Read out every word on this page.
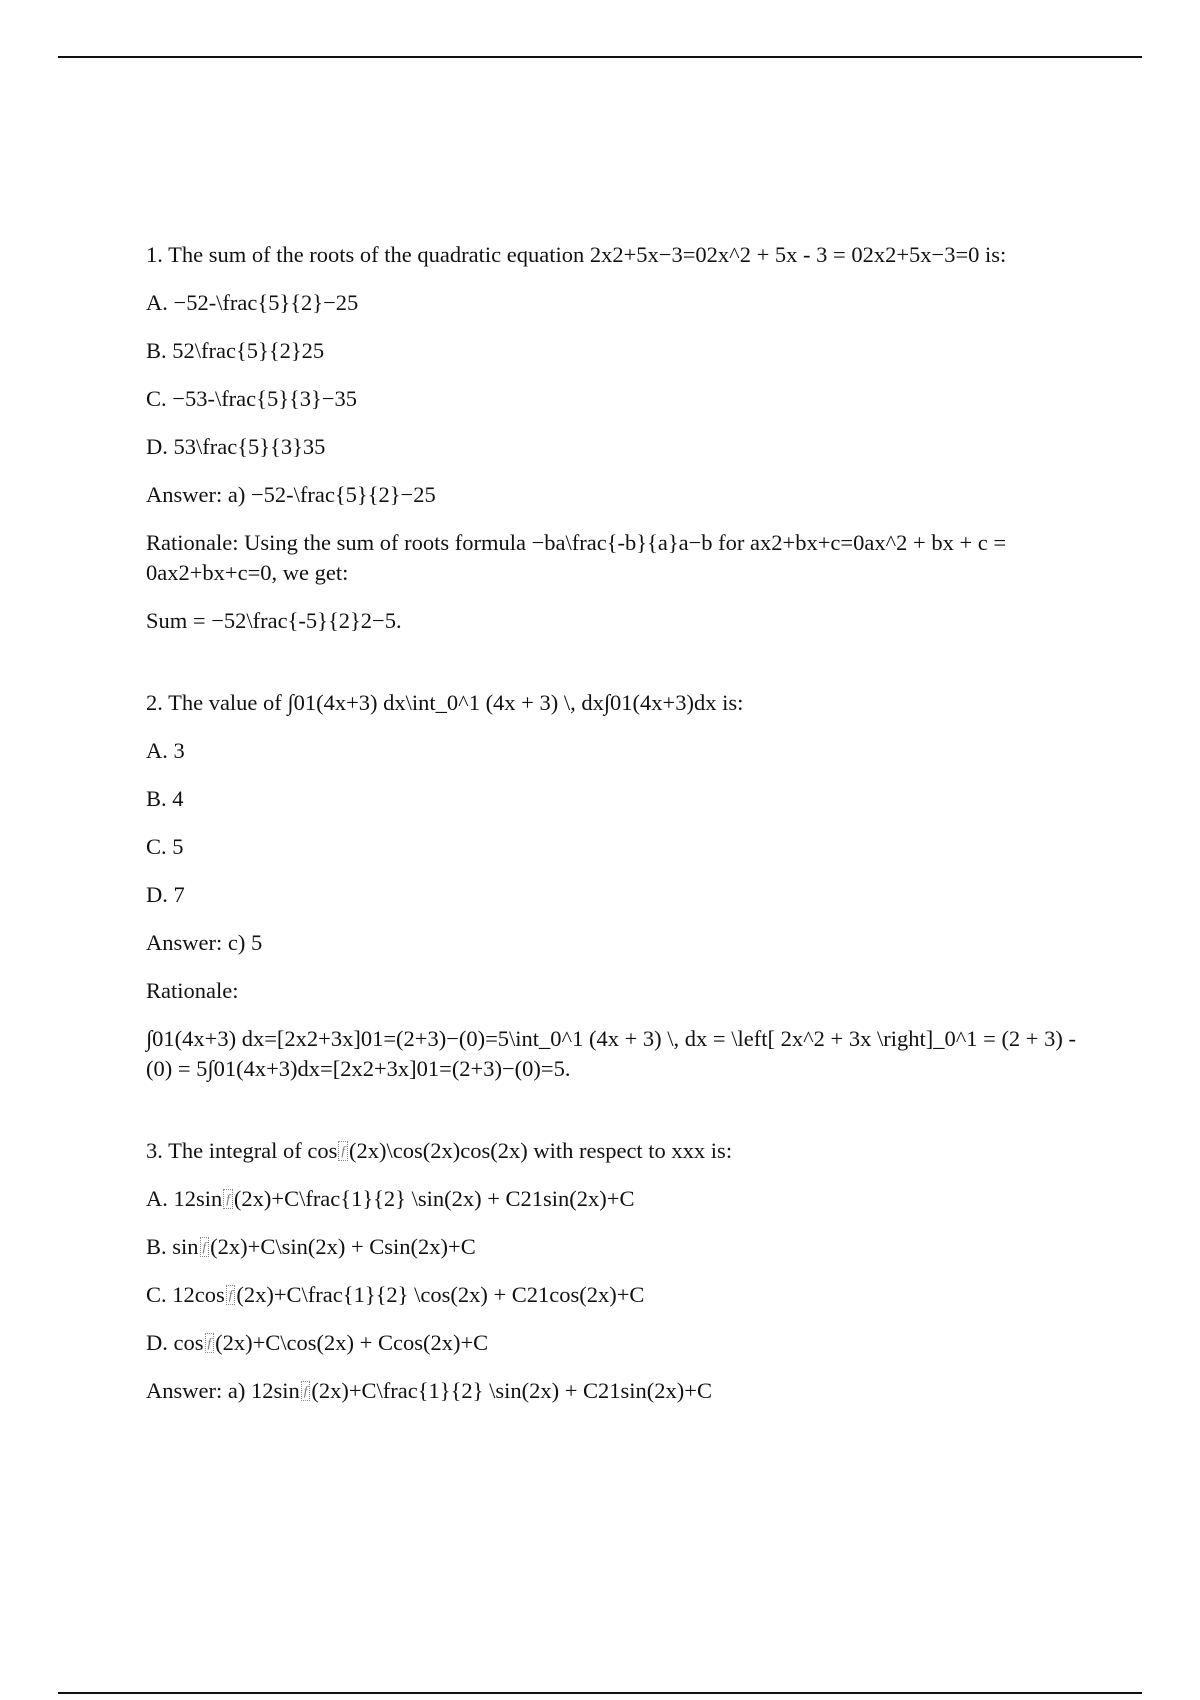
1. The sum of the roots of the quadratic equation 2x2+5x−3=02x^2 + 5x - 3 = 02x2+5x−3=0 is:

A. −52-\frac{5}{2}−25

B. 52\frac{5}{2}25

C. −53-\frac{5}{3}−35

D. 53\frac{5}{3}35

Answer: a) −52-\frac{5}{2}−25

Rationale: Using the sum of roots formula −ba\frac{-b}{a}a−b for ax2+bx+c=0ax^2 + bx + c = 0ax2+bx+c=0, we get:

Sum = −52\frac{-5}{2}2−5.

2. The value of ∫01(4x+3) dx\int_0^1 (4x + 3) \, dx∫01(4x+3)dx is:

A. 3

B. 4

C. 5

D. 7

Answer: c) 5

Rationale:

∫01(4x+3) dx=[2x2+3x]01=(2+3)−(0)=5\int_0^1 (4x + 3) \, dx = \left[ 2x^2 + 3x \right]_0^1 = (2 + 3) - (0) = 5∫01(4x+3)dx=[2x2+3x]01=(2+3)−(0)=5.

3. The integral of cos f⁡ (2x)\cos(2x)cos(2x) with respect to xxx is:

A. 12sin f⁡ (2x)+C\frac{1}{2} \sin(2x) + C21sin(2x)+C

B. sin f⁡ (2x)+C\sin(2x) + Csin(2x)+C

C. 12cos f⁡ (2x)+C\frac{1}{2} \cos(2x) + C21cos(2x)+C

D. cos f⁡ (2x)+C\cos(2x) + Ccos(2x)+C

Answer: a) 12sin f⁡ (2x)+C\frac{1}{2} \sin(2x) + C21sin(2x)+C
